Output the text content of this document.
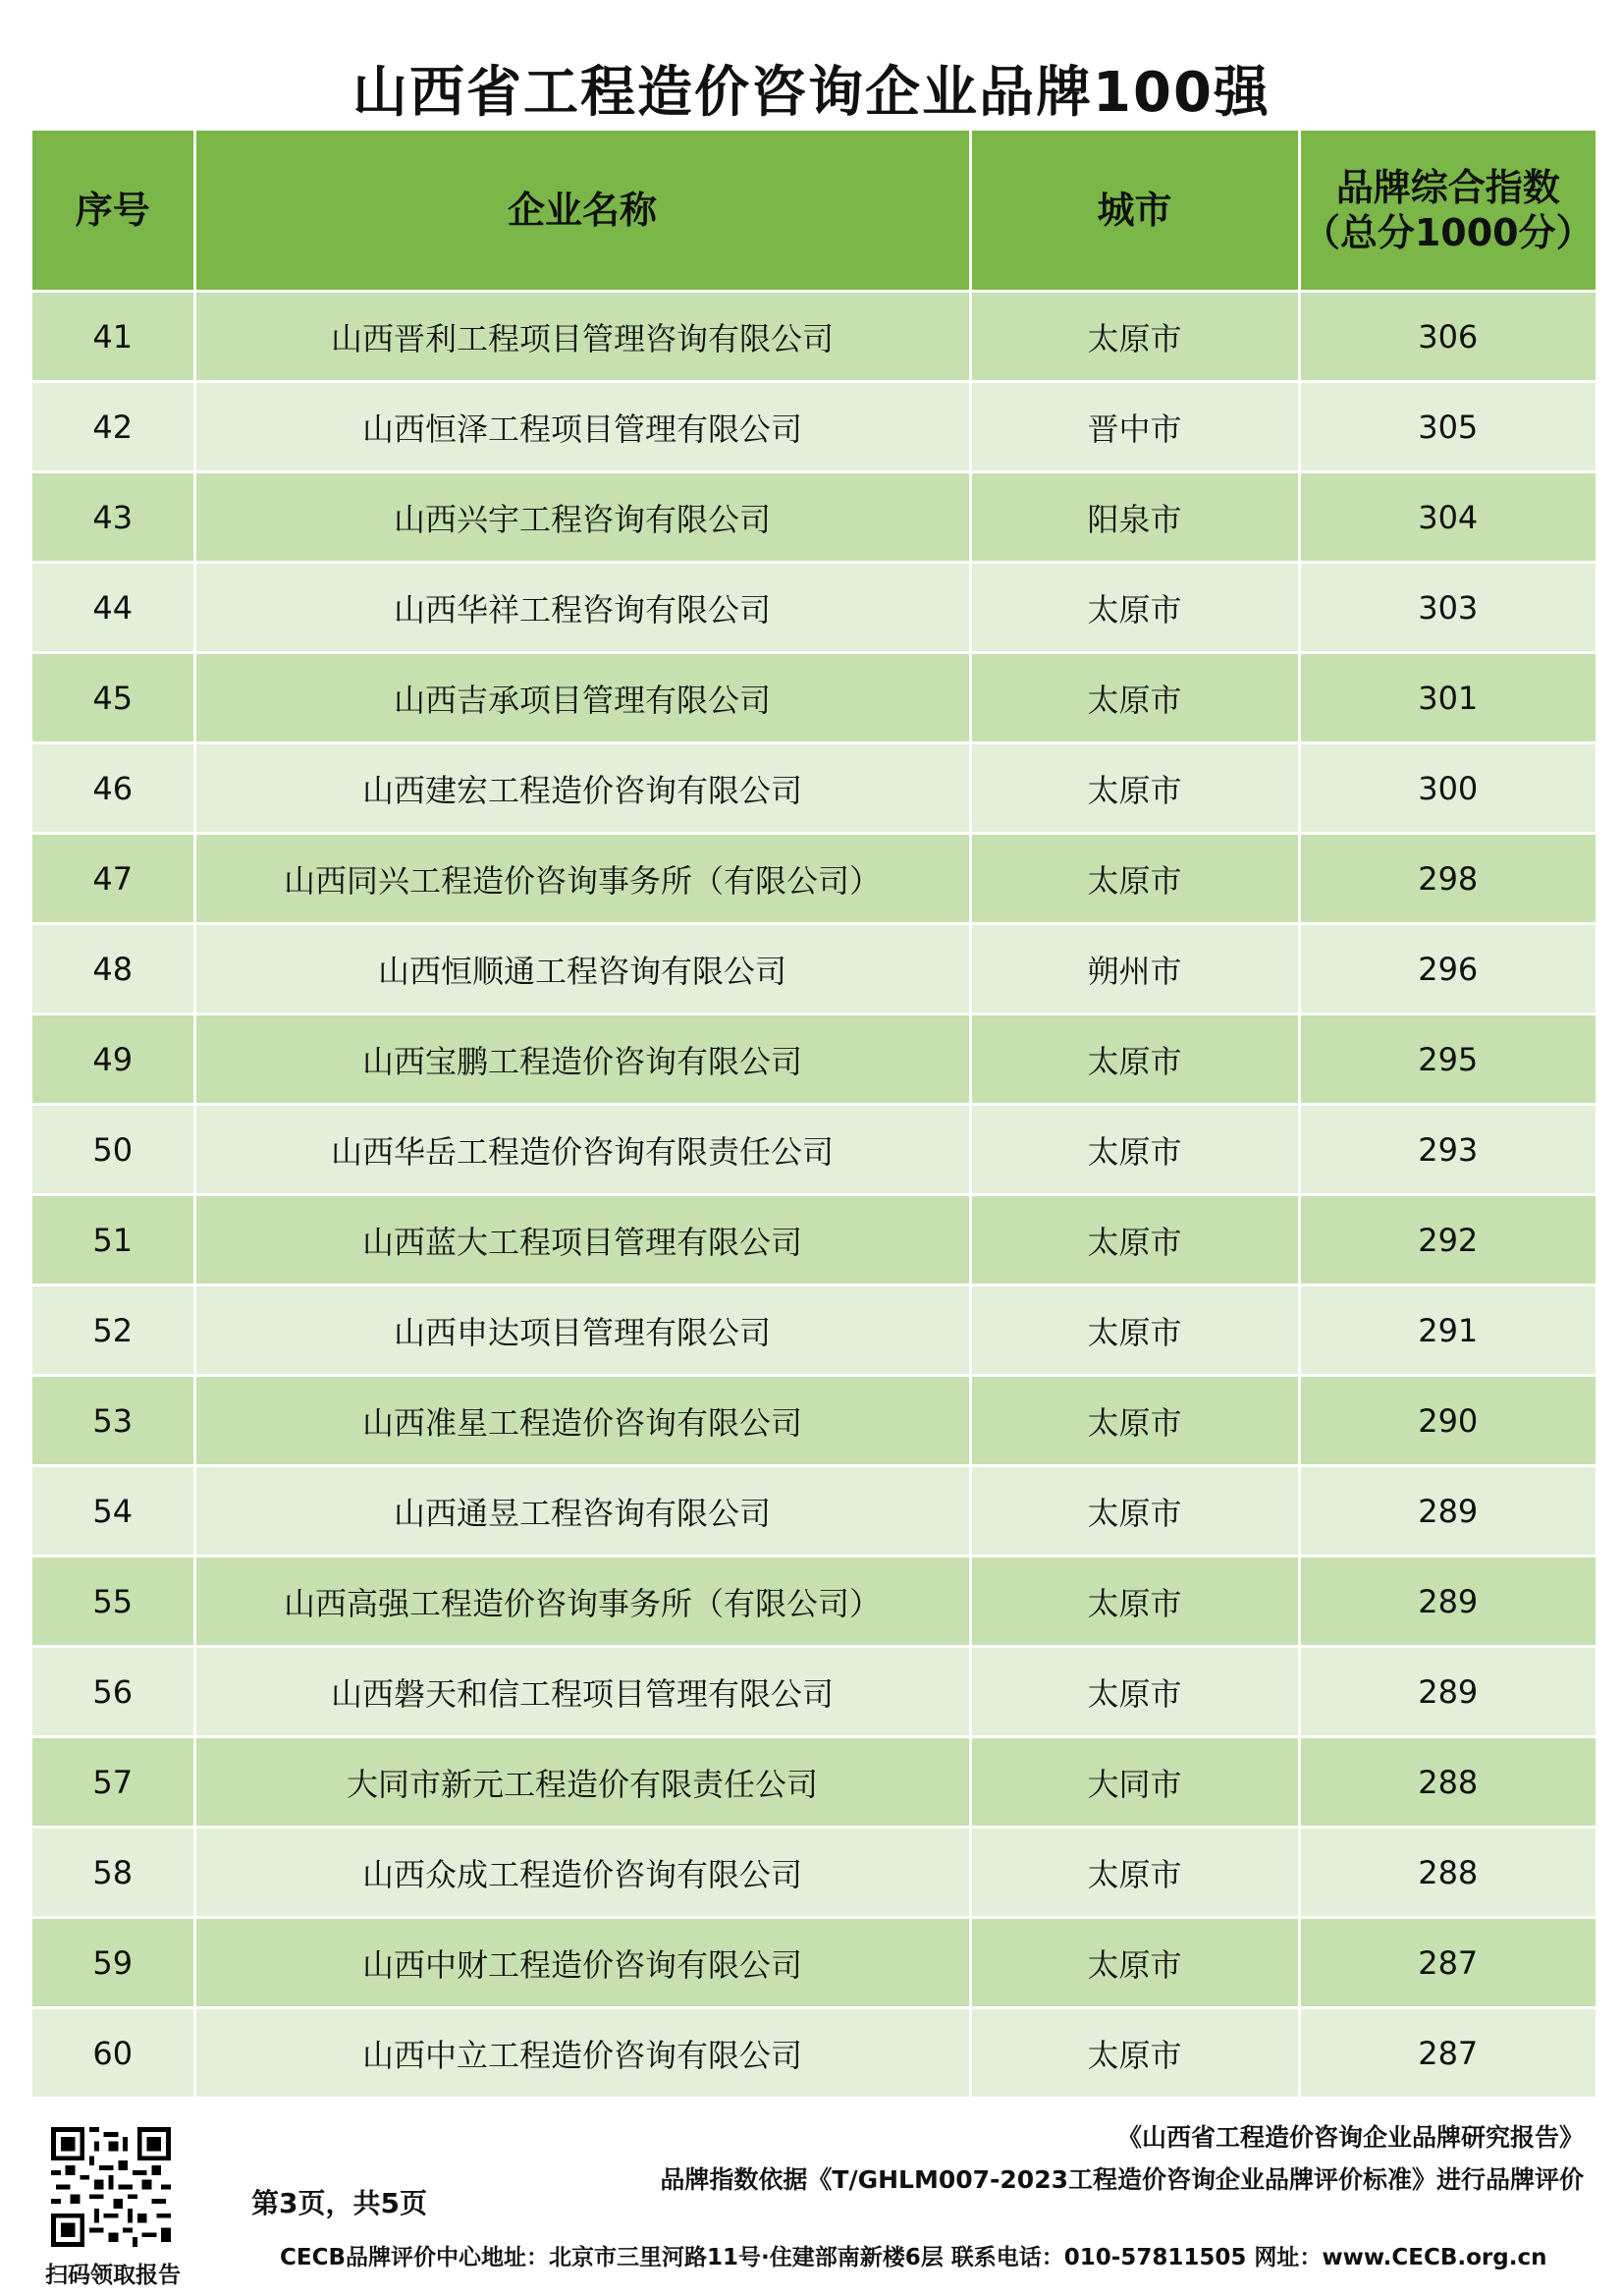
山西省工程造价咨询企业品牌100强
序号	企业名称	城市	品牌综合指数
（总分1000分）

41	山西晋利工程项目管理咨询有限公司	太原市	306
42	山西恒泽工程项目管理有限公司	晋中市	305
43	山西兴宇工程咨询有限公司	阳泉市	304
44	山西华祥工程咨询有限公司	太原市	303
45	山西吉承项目管理有限公司	太原市	301
46	山西建宏工程造价咨询有限公司	太原市	300
47	山西同兴工程造价咨询事务所（有限公司）	太原市	298
48	山西恒顺通工程咨询有限公司	朔州市	296
49	山西宝鹏工程造价咨询有限公司	太原市	295
50	山西华岳工程造价咨询有限责任公司	太原市	293
51	山西蓝大工程项目管理有限公司	太原市	292
52	山西申达项目管理有限公司	太原市	291
53	山西准星工程造价咨询有限公司	太原市	290
54	山西通昱工程咨询有限公司	太原市	289
55	山西高强工程造价咨询事务所（有限公司）	太原市	289
56	山西磐天和信工程项目管理有限公司	太原市	289
57	大同市新元工程造价有限责任公司	大同市	288
58	山西众成工程造价咨询有限公司	太原市	288
59	山西中财工程造价咨询有限公司	太原市	287
60	山西中立工程造价咨询有限公司	太原市	287
扫码领取报告
第3页，共5页
《山西省工程造价咨询企业品牌研究报告》
品牌指数依据《T/GHLM007-2023工程造价咨询企业品牌评价标准》进行品牌评价
CECB品牌评价中心地址：北京市三里河路11号·住建部南新楼6层 联系电话：010-57811505 网址：www.CECB.org.cn
